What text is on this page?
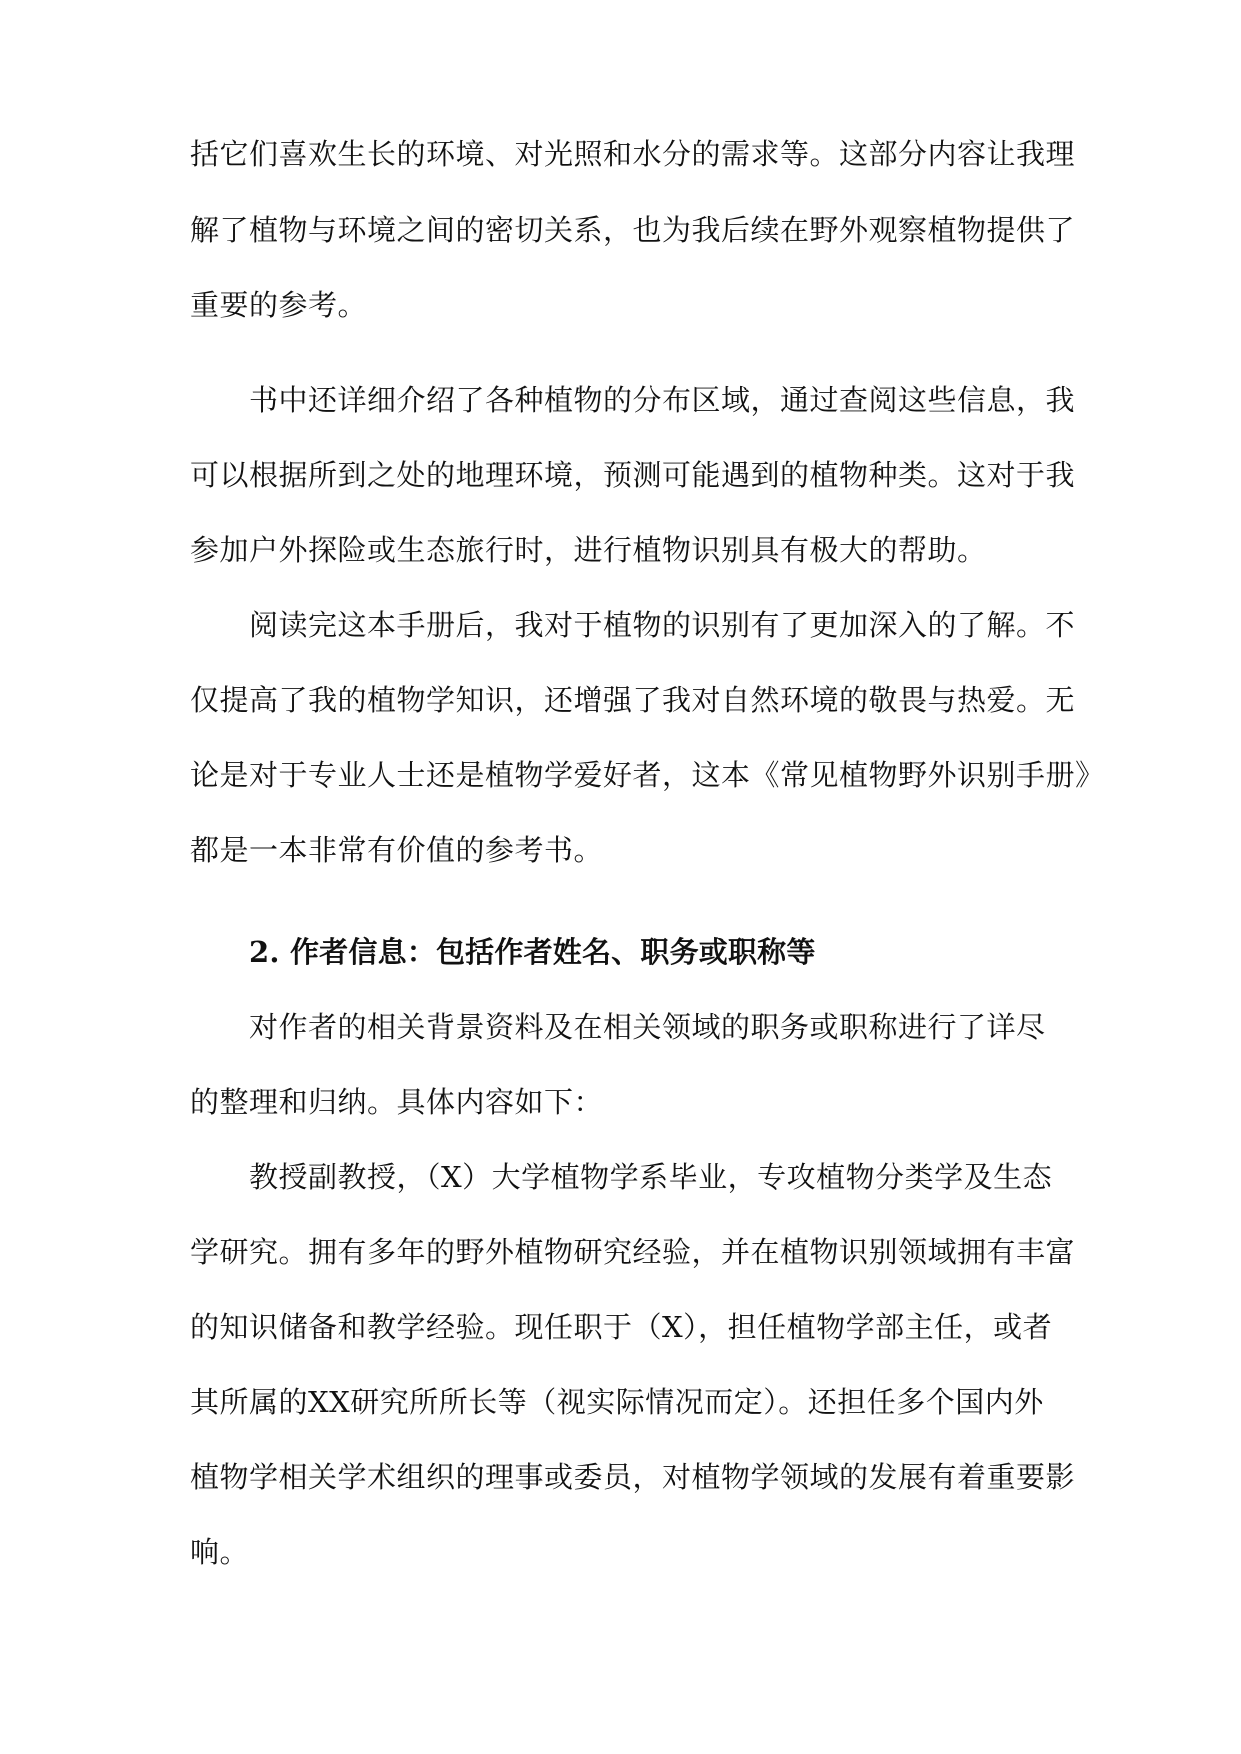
括它们喜欢生长的环境、对光照和水分的需求等。这部分内容让我理
解了植物与环境之间的密切关系，也为我后续在野外观察植物提供了
重要的参考。
书中还详细介绍了各种植物的分布区域，通过查阅这些信息，我
可以根据所到之处的地理环境，预测可能遇到的植物种类。这对于我
参加户外探险或生态旅行时，进行植物识别具有极大的帮助。
阅读完这本手册后，我对于植物的识别有了更加深入的了解。不
仅提高了我的植物学知识，还增强了我对自然环境的敬畏与热爱。无
论是对于专业人士还是植物学爱好者，这本《常见植物野外识别手册》
都是一本非常有价值的参考书。
2. 作者信息：包括作者姓名、职务或职称等
对作者的相关背景资料及在相关领域的职务或职称进行了详尽
的整理和归纳。具体内容如下：
教授副教授，（X）大学植物学系毕业，专攻植物分类学及生态
学研究。拥有多年的野外植物研究经验，并在植物识别领域拥有丰富
的知识储备和教学经验。现任职于（X），担任植物学部主任，或者
其所属的XX研究所所长等（视实际情况而定）。还担任多个国内外
植物学相关学术组织的理事或委员，对植物学领域的发展有着重要影
响。
